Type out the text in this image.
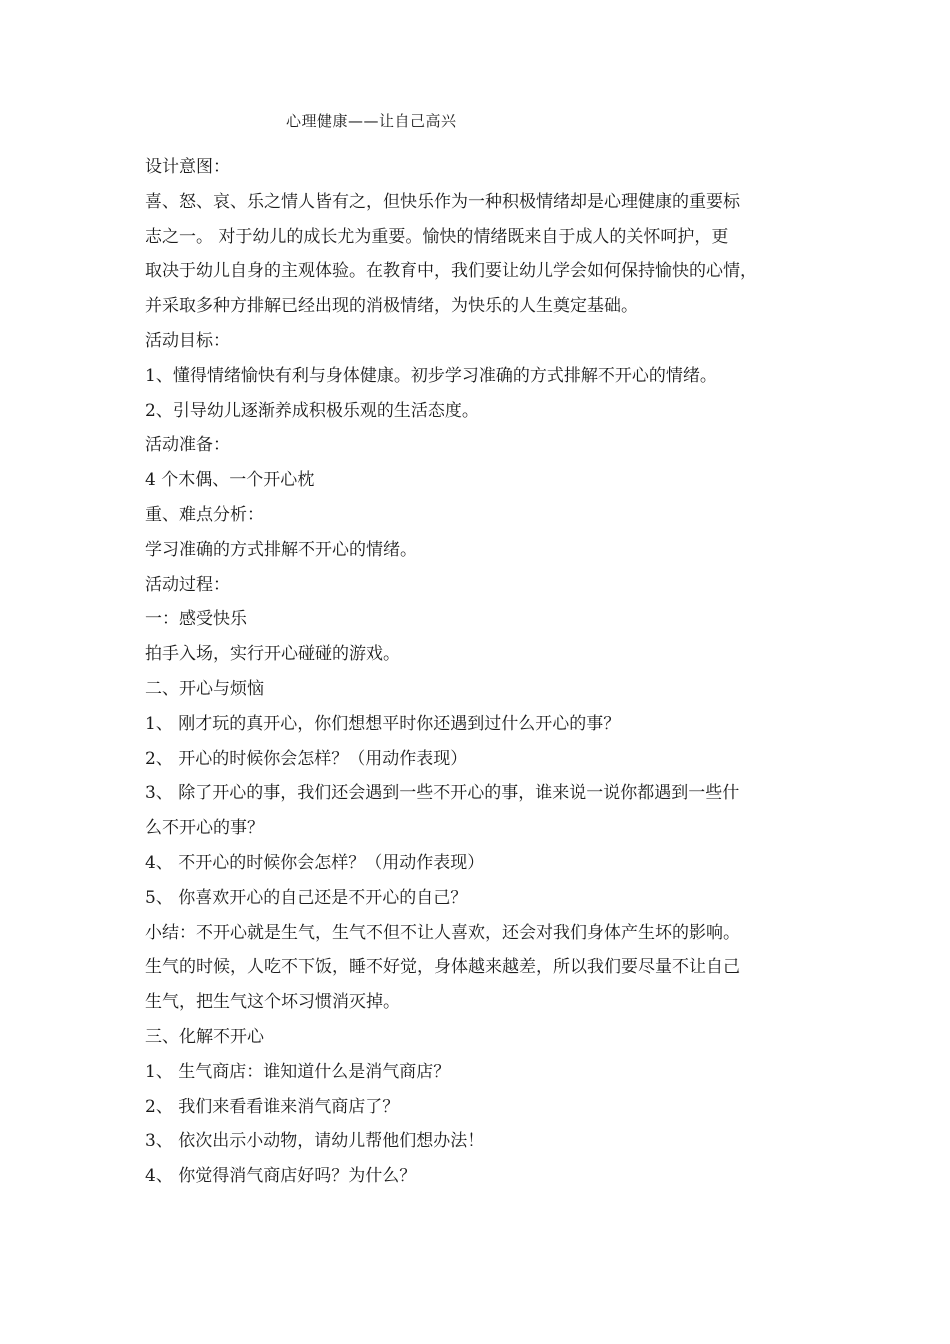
心理健康——让自己高兴
设计意图：
喜、怒、哀、乐之情人皆有之，但快乐作为一种积极情绪却是心理健康的重要标
志之一。 对于幼儿的成长尤为重要。愉快的情绪既来自于成人的关怀呵护，更
取决于幼儿自身的主观体验。在教育中，我们要让幼儿学会如何保持愉快的心情，
并采取多种方排解已经出现的消极情绪，为快乐的人生奠定基础。
活动目标：
1、懂得情绪愉快有利与身体健康。初步学习准确的方式排解不开心的情绪。
2、引导幼儿逐渐养成积极乐观的生活态度。
活动准备：
4 个木偶、一个开心枕
重、难点分析：
学习准确的方式排解不开心的情绪。
活动过程：
一：感受快乐
拍手入场，实行开心碰碰的游戏。
二、开心与烦恼
1、 刚才玩的真开心，你们想想平时你还遇到过什么开心的事？
2、 开心的时候你会怎样？（用动作表现）
3、 除了开心的事，我们还会遇到一些不开心的事，谁来说一说你都遇到一些什
么不开心的事？
4、 不开心的时候你会怎样？（用动作表现）
5、 你喜欢开心的自己还是不开心的自己？
小结：不开心就是生气，生气不但不让人喜欢，还会对我们身体产生坏的影响。
生气的时候，人吃不下饭，睡不好觉，身体越来越差，所以我们要尽量不让自己
生气，把生气这个坏习惯消灭掉。
三、化解不开心
1、 生气商店：谁知道什么是消气商店？
2、 我们来看看谁来消气商店了？
3、 依次出示小动物，请幼儿帮他们想办法！
4、 你觉得消气商店好吗？为什么？
